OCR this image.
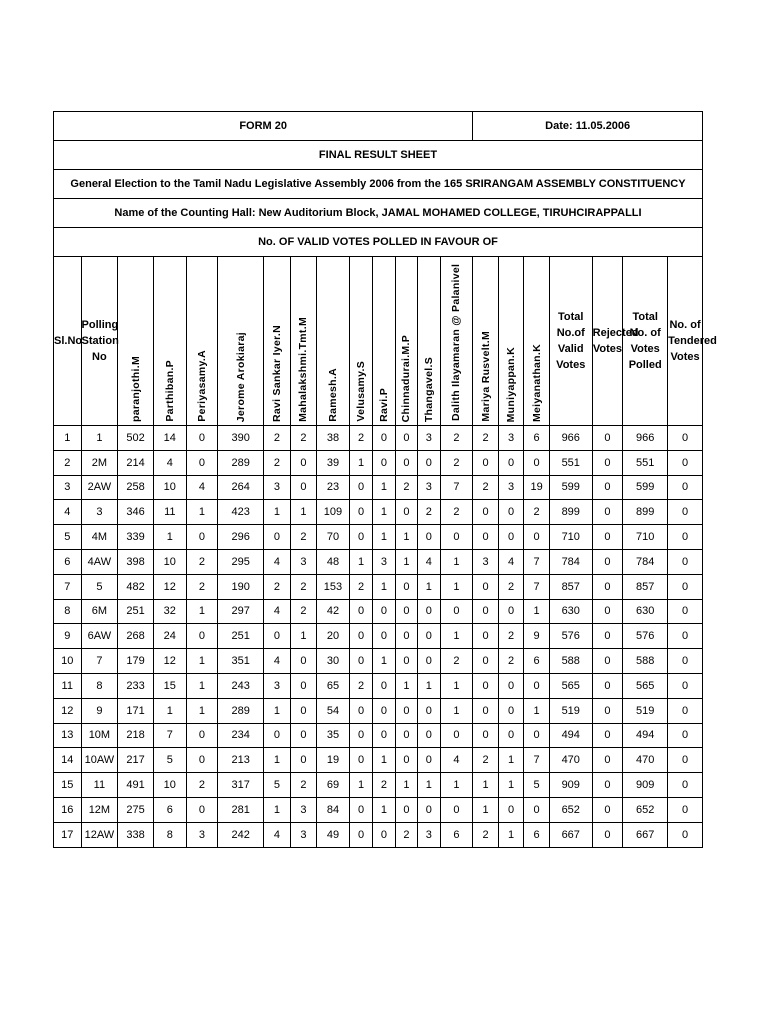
FORM 20														Date: 11.05.2006						
FINAL RESULT SHEET																				
General Election to the Tamil Nadu Legislative Assembly 2006 from the 165 SRIRANGAM ASSEMBLY CONSTITUENCY																				
Name of the Counting Hall: New Auditorium Block, JAMAL MOHAMED COLLEGE, TIRUHCIRAPPALLI																				
No. OF VALID VOTES POLLED IN FAVOUR OF																				
Sl.No	Polling Station No	paranjothi.M	Parthiban.P	Periyasamy.A	Jerome Arokiaraj	Ravi Sankar Iyer.N	Mahalakshmi.Tmt.M	Ramesh.A	Velusamy.S	Ravi.P	Chinnadurai.M.P	Thangavel.S	Dalith Ilayamaran @ Palanivel	Mariya Rusvelt.M	Muniyappan.K	Meiyanathan.K	Total No.of Valid Votes	Rejected Votes	Total No. of Votes Polled	No. of Tendered Votes
1	1	502	14	0	390	2	2	38	2	0	0	3	2	2	3	6	966	0	966	0
2	2M	214	4	0	289	2	0	39	1	0	0	0	2	0	0	0	551	0	551	0
3	2AW	258	10	4	264	3	0	23	0	1	2	3	7	2	3	19	599	0	599	0
4	3	346	11	1	423	1	1	109	0	1	0	2	2	0	0	2	899	0	899	0
5	4M	339	1	0	296	0	2	70	0	1	1	0	0	0	0	0	710	0	710	0
6	4AW	398	10	2	295	4	3	48	1	3	1	4	1	3	4	7	784	0	784	0
7	5	482	12	2	190	2	2	153	2	1	0	1	1	0	2	7	857	0	857	0
8	6M	251	32	1	297	4	2	42	0	0	0	0	0	0	0	1	630	0	630	0
9	6AW	268	24	0	251	0	1	20	0	0	0	0	1	0	2	9	576	0	576	0
10	7	179	12	1	351	4	0	30	0	1	0	0	2	0	2	6	588	0	588	0
11	8	233	15	1	243	3	0	65	2	0	1	1	1	0	0	0	565	0	565	0
12	9	171	1	1	289	1	0	54	0	0	0	0	1	0	0	1	519	0	519	0
13	10M	218	7	0	234	0	0	35	0	0	0	0	0	0	0	0	494	0	494	0
14	10AW	217	5	0	213	1	0	19	0	1	0	0	4	2	1	7	470	0	470	0
15	11	491	10	2	317	5	2	69	1	2	1	1	1	1	1	5	909	0	909	0
16	12M	275	6	0	281	1	3	84	0	1	0	0	0	1	0	0	652	0	652	0
17	12AW	338	8	3	242	4	3	49	0	0	2	3	6	2	1	6	667	0	667	0
